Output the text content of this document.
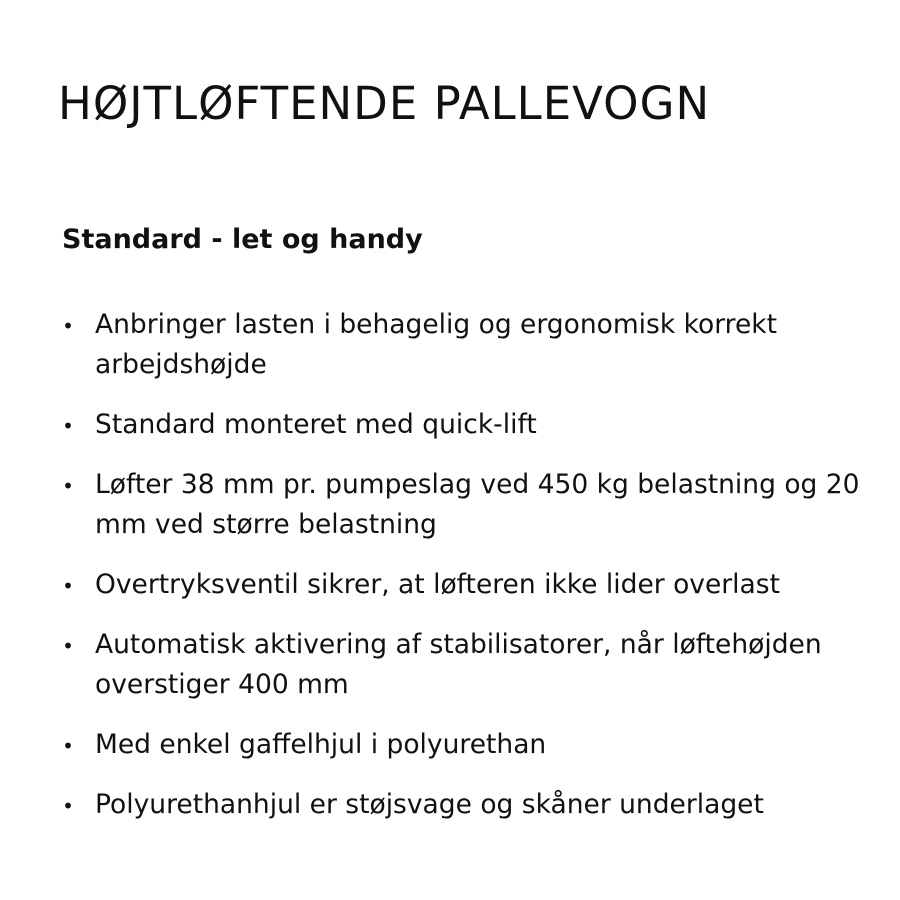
HØJTLØFTENDE PALLEVOGN
Standard - let og handy
• Anbringer lasten i behagelig og ergonomisk korrekt arbejdshøjde
• Standard monteret med quick-lift
• Løfter 38 mm pr. pumpeslag ved 450 kg belastning og 20 mm ved større belastning
• Overtryksventil sikrer, at løfteren ikke lider overlast
• Automatisk aktivering af stabilisatorer, når løftehøjden overstiger 400 mm
• Med enkel gaffelhjul i polyurethan
• Polyurethanhjul er støjsvage og skåner underlaget
